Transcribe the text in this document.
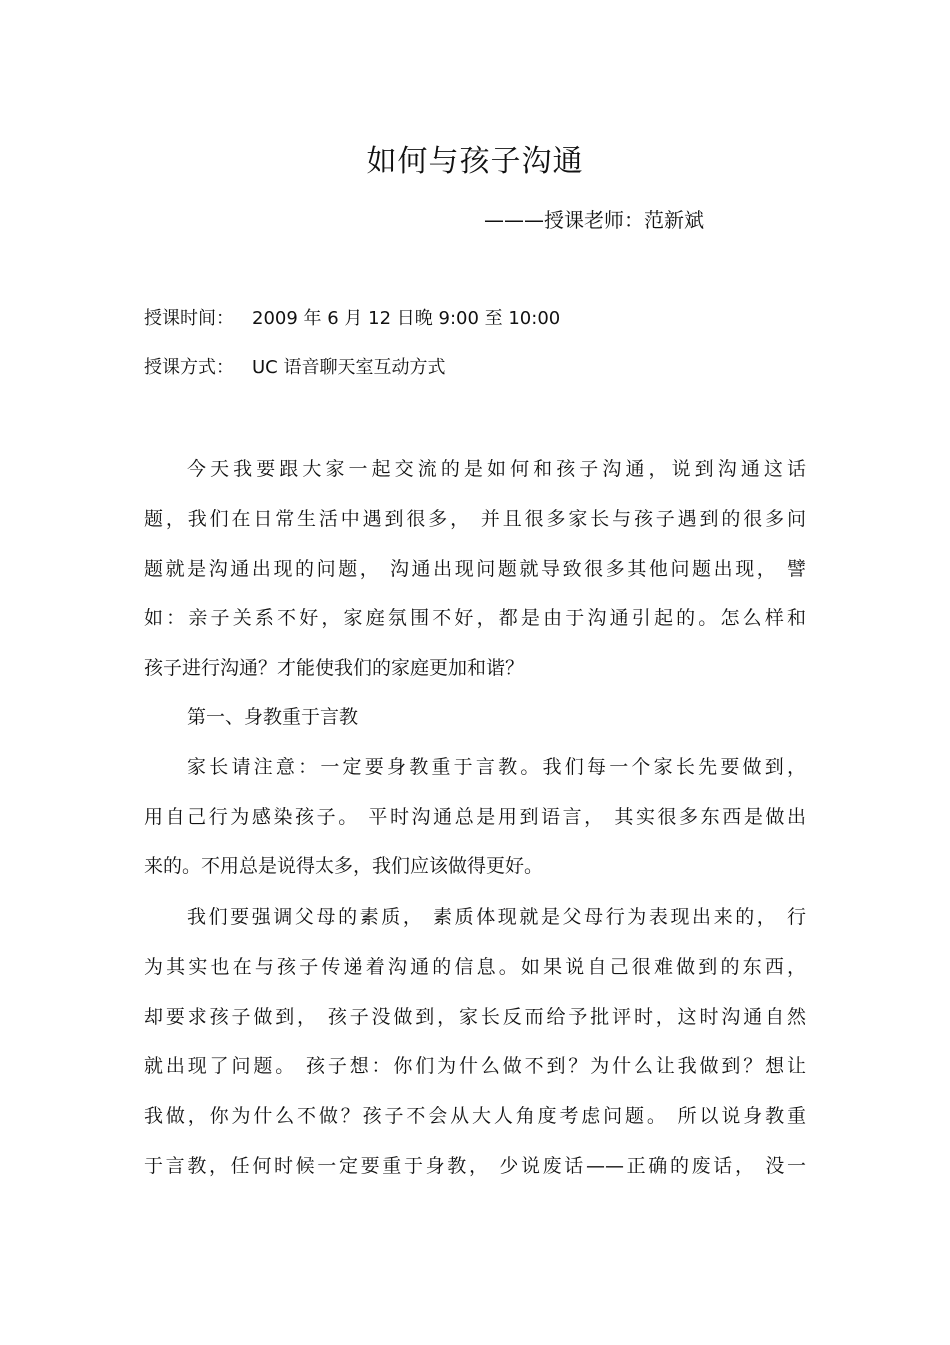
如何与孩子沟通
———授课老师：范新斌
授课时间： 2009 年 6 月 12 日晚 9:00 至 10:00
授课方式： UC 语音聊天室互动方式
今天我要跟大家一起交流的是如何和孩子沟通，说到沟通这话
题，我们在日常生活中遇到很多， 并且很多家长与孩子遇到的很多问
题就是沟通出现的问题， 沟通出现问题就导致很多其他问题出现， 譬
如：亲子关系不好，家庭氛围不好，都是由于沟通引起的。怎么样和
孩子进行沟通？才能使我们的家庭更加和谐？
第一、身教重于言教
家长请注意：一定要身教重于言教。我们每一个家长先要做到，
用自己行为感染孩子。 平时沟通总是用到语言， 其实很多东西是做出
来的。不用总是说得太多，我们应该做得更好。
我们要强调父母的素质， 素质体现就是父母行为表现出来的， 行
为其实也在与孩子传递着沟通的信息。如果说自己很难做到的东西，
却要求孩子做到， 孩子没做到，家长反而给予批评时，这时沟通自然
就出现了问题。 孩子想：你们为什么做不到？为什么让我做到？想让
我做，你为什么不做？孩子不会从大人角度考虑问题。 所以说身教重
于言教，任何时候一定要重于身教， 少说废话——正确的废话， 没一
